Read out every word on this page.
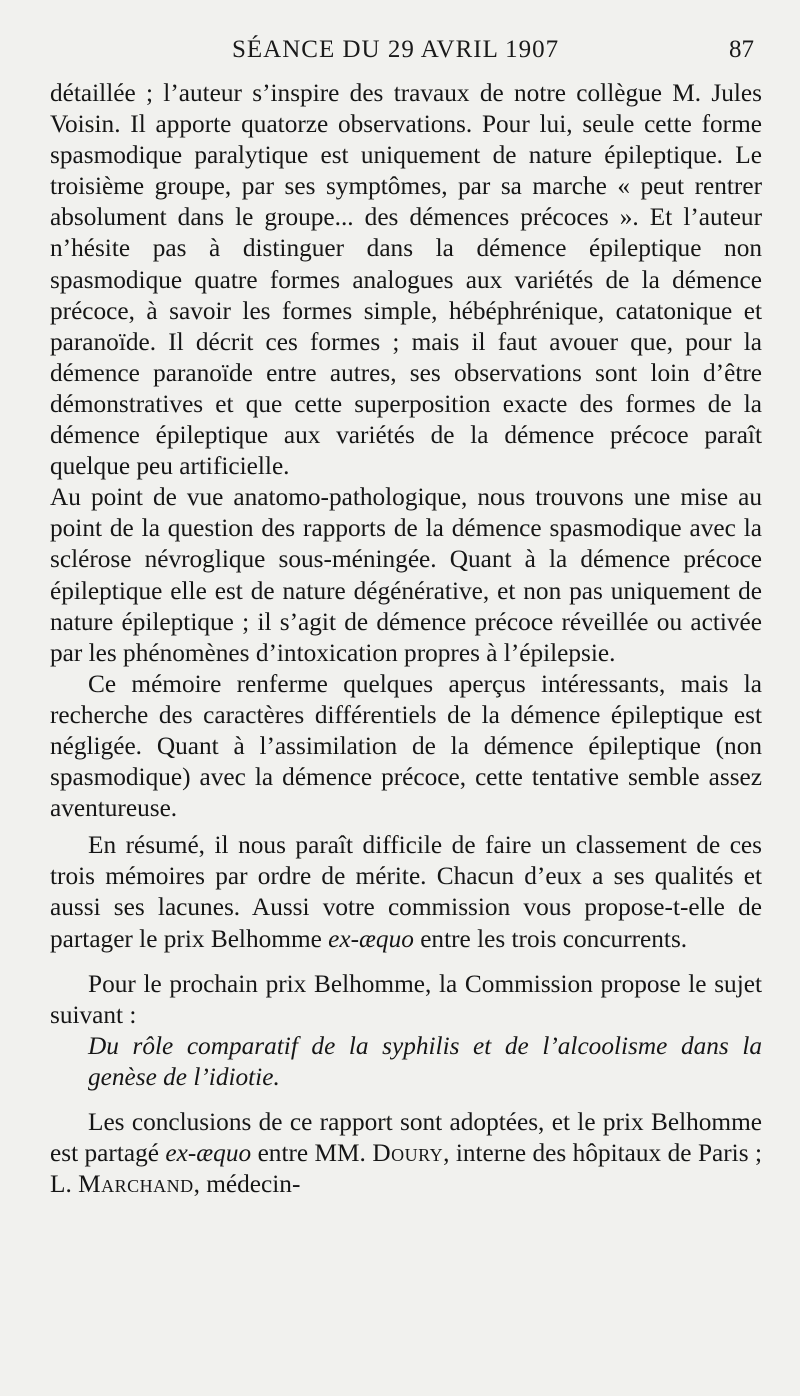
SÉANCE DU 29 AVRIL 1907	87

détaillée ; l’auteur s’inspire des travaux de notre collègue M. Jules Voisin. Il apporte quatorze observations. Pour lui, seule cette forme spasmodique paralytique est uniquement de nature épileptique. Le troisième groupe, par ses symptômes, par sa marche « peut rentrer absolument dans le groupe... des démences précoces ». Et l’auteur n’hésite pas à distinguer dans la démence épileptique non spasmodique quatre formes analogues aux variétés de la démence précoce, à savoir les formes simple, hébéphrénique, catatonique et paranoïde. Il décrit ces formes ; mais il faut avouer que, pour la démence paranoïde entre autres, ses observations sont loin d’être démonstratives et que cette superposition exacte des formes de la démence épileptique aux variétés de la démence précoce paraît quelque peu artificielle.

Au point de vue anatomo-pathologique, nous trouvons une mise au point de la question des rapports de la démence spasmodique avec la sclérose névroglique sous-méningée. Quant à la démence précoce épileptique elle est de nature dégénérative, et non pas uniquement de nature épileptique ; il s’agit de démence précoce réveillée ou activée par les phénomènes d’intoxication propres à l’épilepsie.

Ce mémoire renferme quelques aperçus intéressants, mais la recherche des caractères différentiels de la démence épileptique est négligée. Quant à l’assimilation de la démence épileptique (non spasmodique) avec la démence précoce, cette tentative semble assez aventureuse.

En résumé, il nous paraît difficile de faire un classement de ces trois mémoires par ordre de mérite. Chacun d’eux a ses qualités et aussi ses lacunes. Aussi votre commission vous propose-t-elle de partager le prix Belhomme ex-æquo entre les trois concurrents.

Pour le prochain prix Belhomme, la Commission propose le sujet suivant :

Du rôle comparatif de la syphilis et de l’alcoolisme dans la genèse de l’idiotie.

Les conclusions de ce rapport sont adoptées, et le prix Belhomme est partagé ex-æquo entre MM. Doury, interne des hôpitaux de Paris ; L. Marchand, médecin-
